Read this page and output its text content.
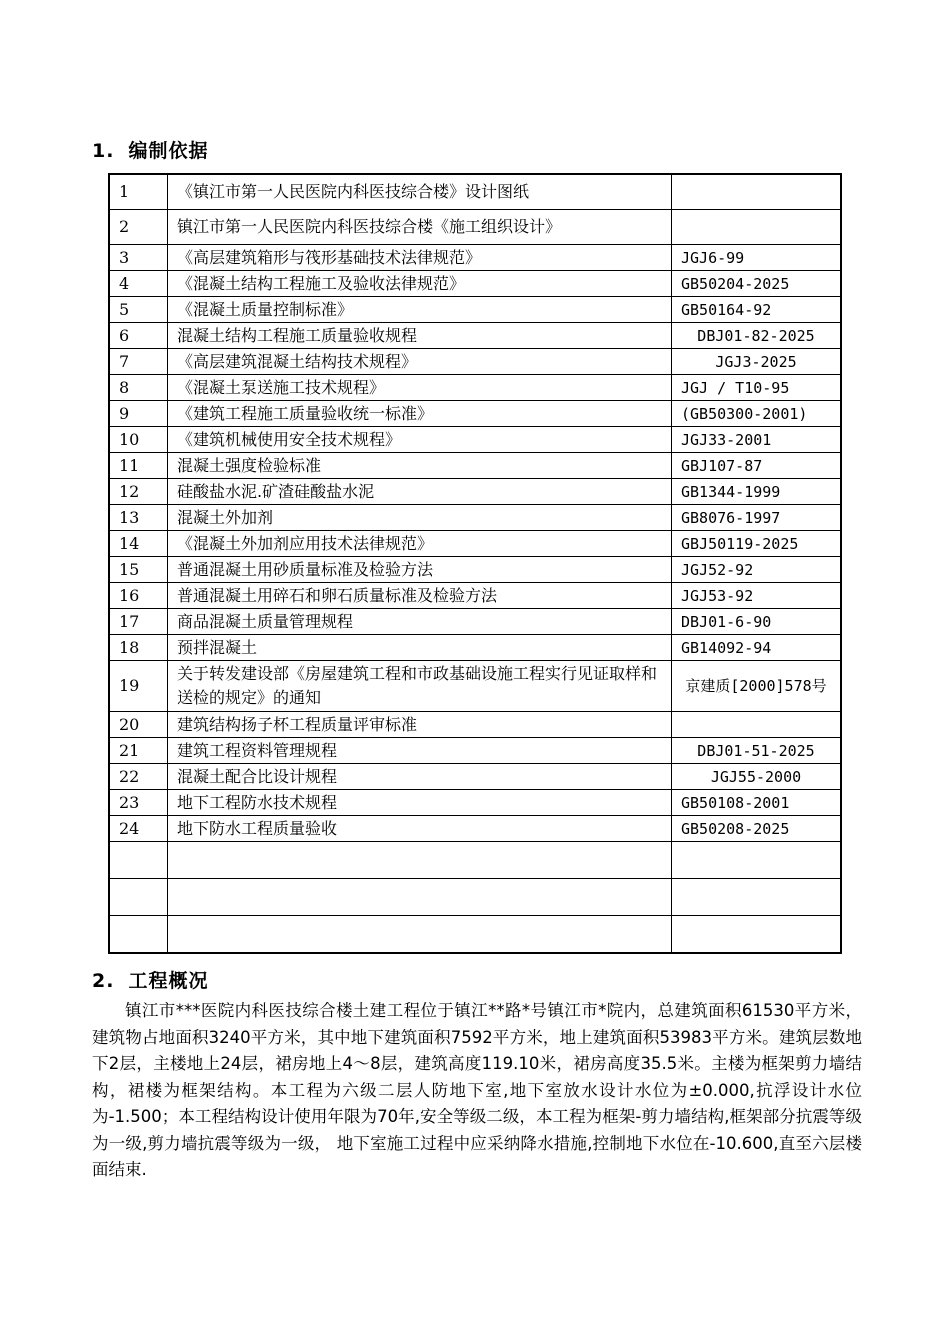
1. 编制依据
1	《镇江市第一人民医院内科医技综合楼》设计图纸	
2	镇江市第一人民医院内科医技综合楼《施工组织设计》	
3	《高层建筑箱形与筏形基础技术法律规范》	JGJ6-99
4	《混凝土结构工程施工及验收法律规范》	GB50204-2025
5	《混凝土质量控制标准》	GB50164-92
6	混凝土结构工程施工质量验收规程	DBJ01-82-2025
7	《高层建筑混凝土结构技术规程》	JGJ3-2025
8	《混凝土泵送施工技术规程》	JGJ / T10-95
9	《建筑工程施工质量验收统一标准》	(GB50300-2001)
10	《建筑机械使用安全技术规程》	JGJ33-2001
11	混凝土强度检验标准	GBJ107-87
12	硅酸盐水泥.矿渣硅酸盐水泥	GB1344-1999
13	混凝土外加剂	GB8076-1997
14	《混凝土外加剂应用技术法律规范》	GBJ50119-2025
15	普通混凝土用砂质量标准及检验方法	JGJ52-92
16	普通混凝土用碎石和卵石质量标准及检验方法	JGJ53-92
17	商品混凝土质量管理规程	DBJ01-6-90
18	预拌混凝土	GB14092-94
19	关于转发建设部《房屋建筑工程和市政基础设施工程实行见证取样和送检的规定》的通知	京建质[2000]578号
20	建筑结构扬子杯工程质量评审标准	
21	建筑工程资料管理规程	DBJ01-51-2025
22	混凝土配合比设计规程	JGJ55-2000
23	地下工程防水技术规程	GB50108-2001
24	地下防水工程质量验收	GB50208-2025

2. 工程概况

镇江市***医院内科医技综合楼土建工程位于镇江**路*号镇江市*院内，总建筑面积61530平方米，建筑物占地面积3240平方米，其中地下建筑面积7592平方米，地上建筑面积53983平方米。建筑层数地下2层，主楼地上24层，裙房地上4～8层，建筑高度119.10米，裙房高度35.5米。主楼为框架剪力墙结构，裙楼为框架结构。本工程为六级二层人防地下室,地下室放水设计水位为±0.000,抗浮设计水位为-1.500；本工程结构设计使用年限为70年,安全等级二级，本工程为框架-剪力墙结构,框架部分抗震等级为一级,剪力墙抗震等级为一级， 地下室施工过程中应采纳降水措施,控制地下水位在-10.600,直至六层楼面结束.
